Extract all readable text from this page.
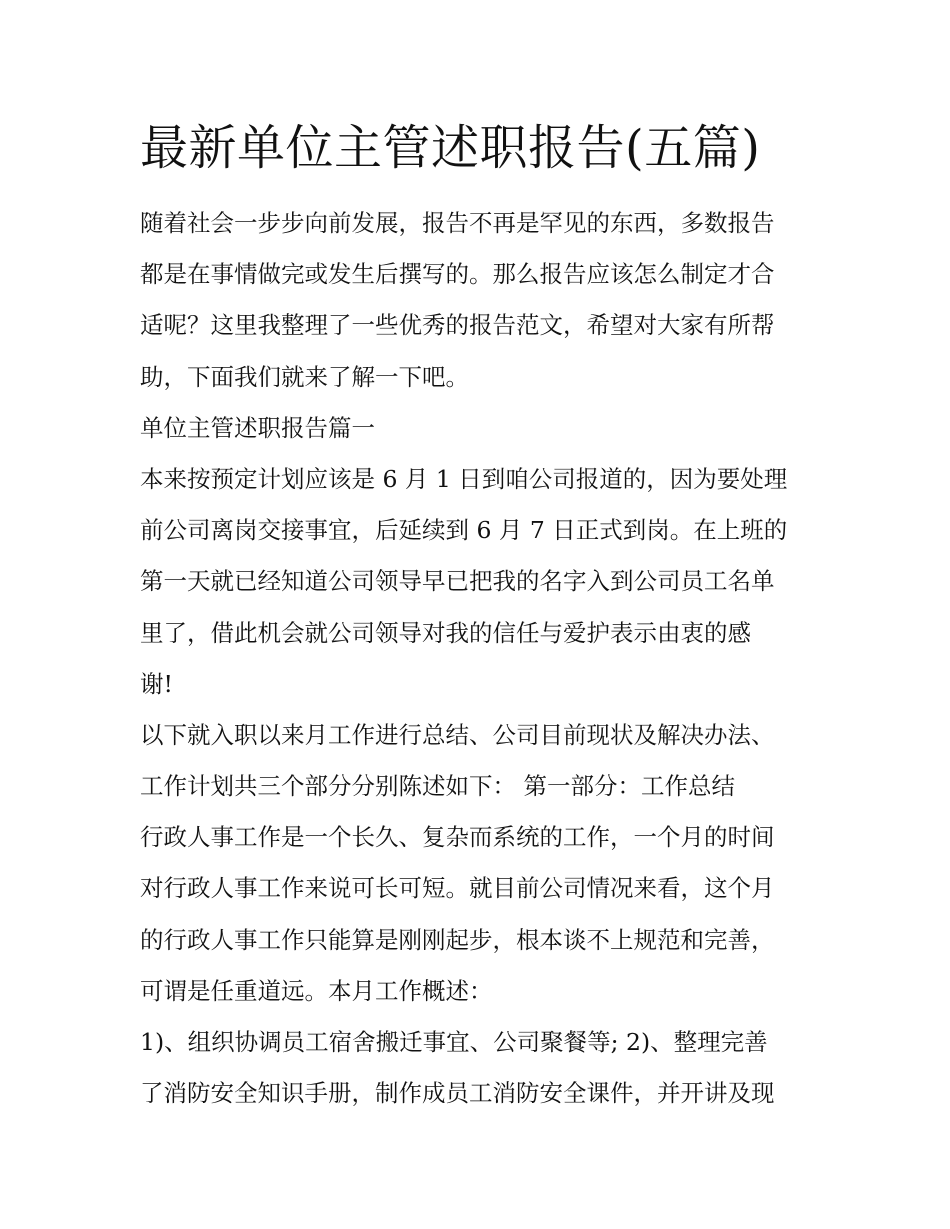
最新单位主管述职报告(五篇)
随着社会一步步向前发展，报告不再是罕见的东西，多数报告
都是在事情做完或发生后撰写的。那么报告应该怎么制定才合
适呢？这里我整理了一些优秀的报告范文，希望对大家有所帮
助，下面我们就来了解一下吧。
单位主管述职报告篇一
本来按预定计划应该是 6 月 1 日到咱公司报道的，因为要处理
前公司离岗交接事宜，后延续到 6 月 7 日正式到岗。在上班的
第一天就已经知道公司领导早已把我的名字入到公司员工名单
里了，借此机会就公司领导对我的信任与爱护表示由衷的感
谢!
以下就入职以来月工作进行总结、公司目前现状及解决办法、
工作计划共三个部分分别陈述如下： 第一部分：工作总结
行政人事工作是一个长久、复杂而系统的工作，一个月的时间
对行政人事工作来说可长可短。就目前公司情况来看，这个月
的行政人事工作只能算是刚刚起步，根本谈不上规范和完善，
可谓是任重道远。本月工作概述：
1)、组织协调员工宿舍搬迁事宜、公司聚餐等; 2)、整理完善
了消防安全知识手册，制作成员工消防安全课件，并开讲及现
